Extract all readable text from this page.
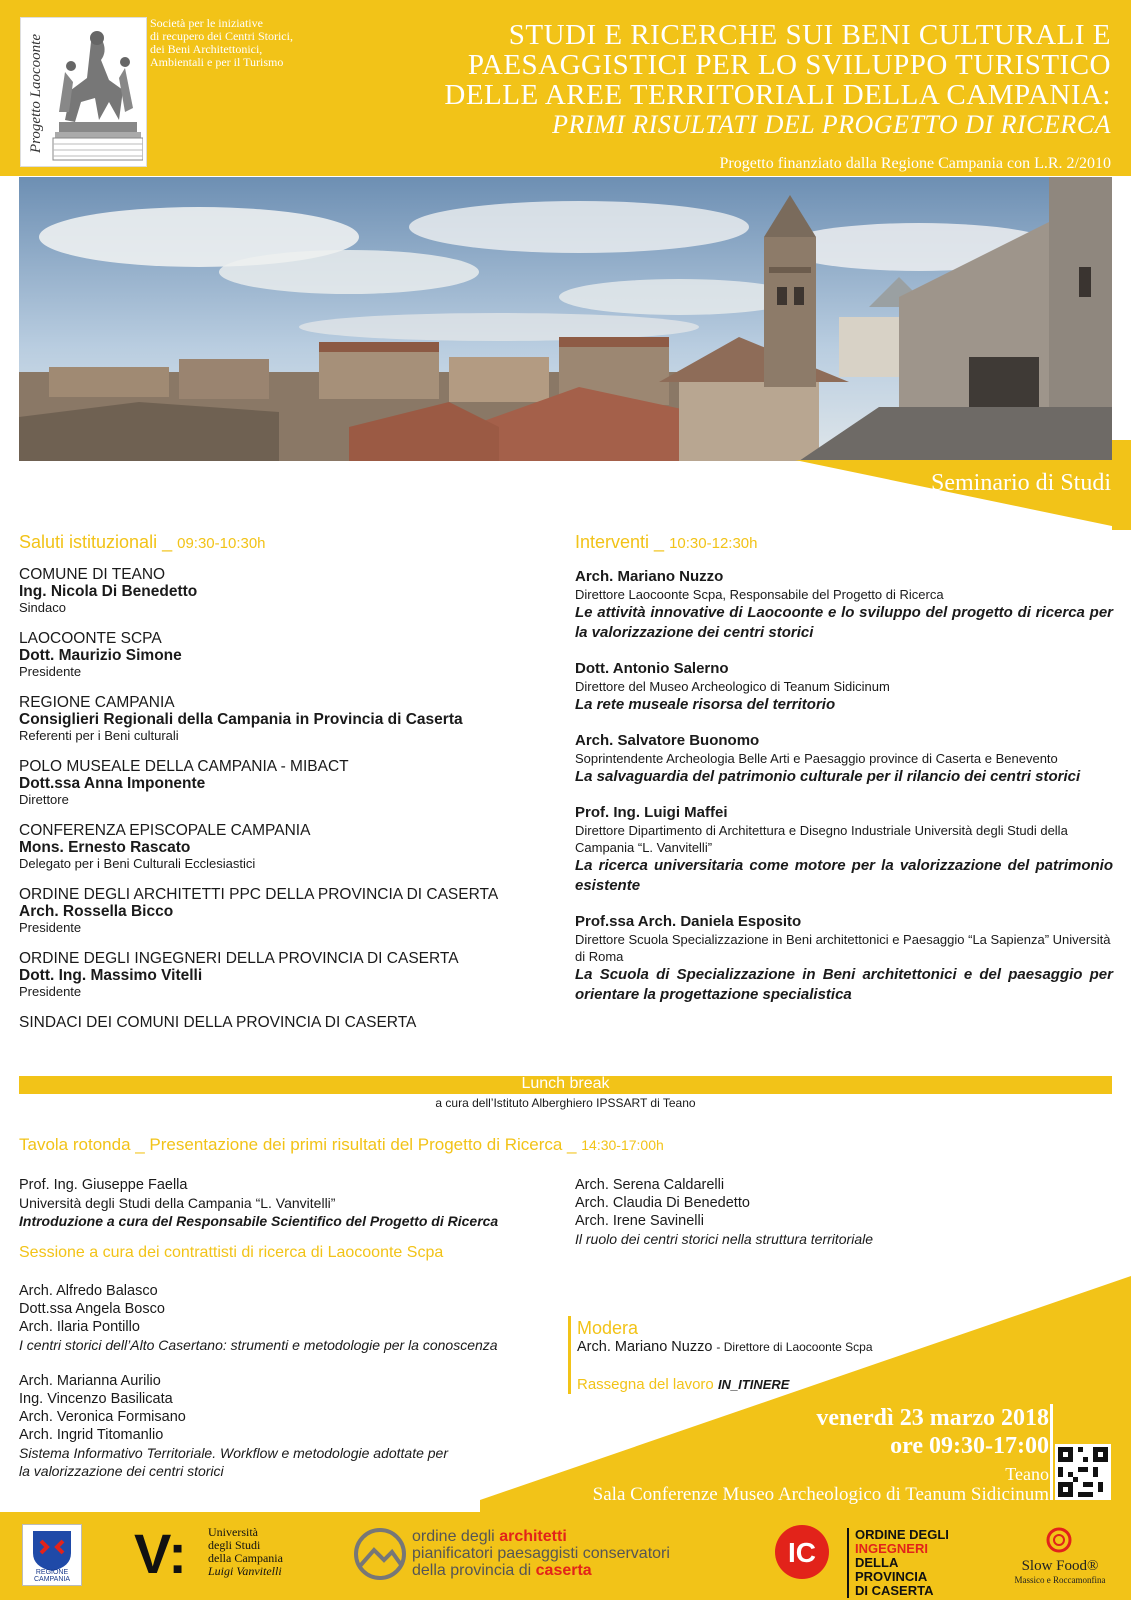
Progetto Laocoonte
Società per le iniziative
di recupero dei Centri Storici,
dei Beni Architettonici,
Ambientali e per il Turismo
STUDI E RICERCHE SUI BENI CULTURALI E
PAESAGGISTICI PER LO SVILUPPO TURISTICO
DELLE AREE TERRITORIALI DELLA CAMPANIA:
PRIMI RISULTATI DEL PROGETTO DI RICERCA
Progetto finanziato dalla Regione Campania con L.R. 2/2010
Seminario di Studi
Saluti istituzionali _ 09:30-10:30h
COMUNE DI TEANO
Ing. Nicola Di Benedetto
Sindaco
LAOCOONTE SCPA
Dott. Maurizio Simone
Presidente
REGIONE CAMPANIA
Consiglieri Regionali della Campania in Provincia di Caserta
Referenti per i Beni culturali
POLO MUSEALE DELLA CAMPANIA - MIBACT
Dott.ssa Anna Imponente
Direttore
CONFERENZA EPISCOPALE CAMPANIA
Mons. Ernesto Rascato
Delegato per i Beni Culturali Ecclesiastici
ORDINE DEGLI ARCHITETTI PPC DELLA PROVINCIA DI CASERTA
Arch. Rossella Bicco
Presidente
ORDINE DEGLI INGEGNERI DELLA PROVINCIA DI CASERTA
Dott. Ing. Massimo Vitelli
Presidente
SINDACI DEI COMUNI DELLA PROVINCIA DI CASERTA
Interventi _ 10:30-12:30h
Arch. Mariano Nuzzo
Direttore Laocoonte Scpa, Responsabile del Progetto di Ricerca
Le attività innovative di Laocoonte e lo sviluppo del progetto di ricerca per la valorizzazione dei centri storici
Dott. Antonio Salerno
Direttore del Museo Archeologico di Teanum Sidicinum
La rete museale risorsa del territorio
Arch. Salvatore Buonomo
Soprintendente Archeologia Belle Arti e Paesaggio province di Caserta e Benevento
La salvaguardia del patrimonio culturale per il rilancio dei centri storici
Prof. Ing. Luigi Maffei
Direttore Dipartimento di Architettura e Disegno Industriale Università degli Studi della Campania “L. Vanvitelli”
La ricerca universitaria come motore per la valorizzazione del patrimonio esistente
Prof.ssa Arch. Daniela Esposito
Direttore Scuola Specializzazione in Beni architettonici e Paesaggio “La Sapienza” Università di Roma
La Scuola di Specializzazione in Beni architettonici e del paesaggio per orientare la progettazione specialistica
Lunch break
a cura dell’Istituto Alberghiero IPSSART di Teano
Tavola rotonda _ Presentazione dei primi risultati del Progetto di Ricerca _ 14:30-17:00h
Prof. Ing. Giuseppe Faella
Università degli Studi della Campania “L. Vanvitelli”
Introduzione a cura del Responsabile Scientifico del Progetto di Ricerca
Sessione a cura dei contrattisti di ricerca di Laocoonte Scpa
Arch. Alfredo Balasco
Dott.ssa Angela Bosco
Arch. Ilaria Pontillo
I centri storici dell’Alto Casertano: strumenti e metodologie per la conoscenza
Arch. Marianna Aurilio
Ing. Vincenzo Basilicata
Arch. Veronica Formisano
Arch. Ingrid Titomanlio
Sistema Informativo Territoriale. Workflow e metodologie adottate per
la valorizzazione dei centri storici
Arch. Serena Caldarelli
Arch. Claudia Di Benedetto
Arch. Irene Savinelli
Il ruolo dei centri storici nella struttura territoriale
Modera
Arch. Mariano Nuzzo - Direttore di Laocoonte Scpa
Rassegna del lavoro IN_ITINERE
venerdì 23 marzo 2018
ore 09:30-17:00
Teano
Sala Conferenze Museo Archeologico di Teanum Sidicinum
REGIONE CAMPANIA V: Università
degli Studi
della Campania
Luigi Vanvitelli
ordine degli architetti
pianificatori paesaggisti conservatori
della provincia di caserta
IC
ORDINE DEGLI
INGEGNERI
DELLA PROVINCIA
DI CASERTA
Slow Food®
Massico e Roccamonfina
